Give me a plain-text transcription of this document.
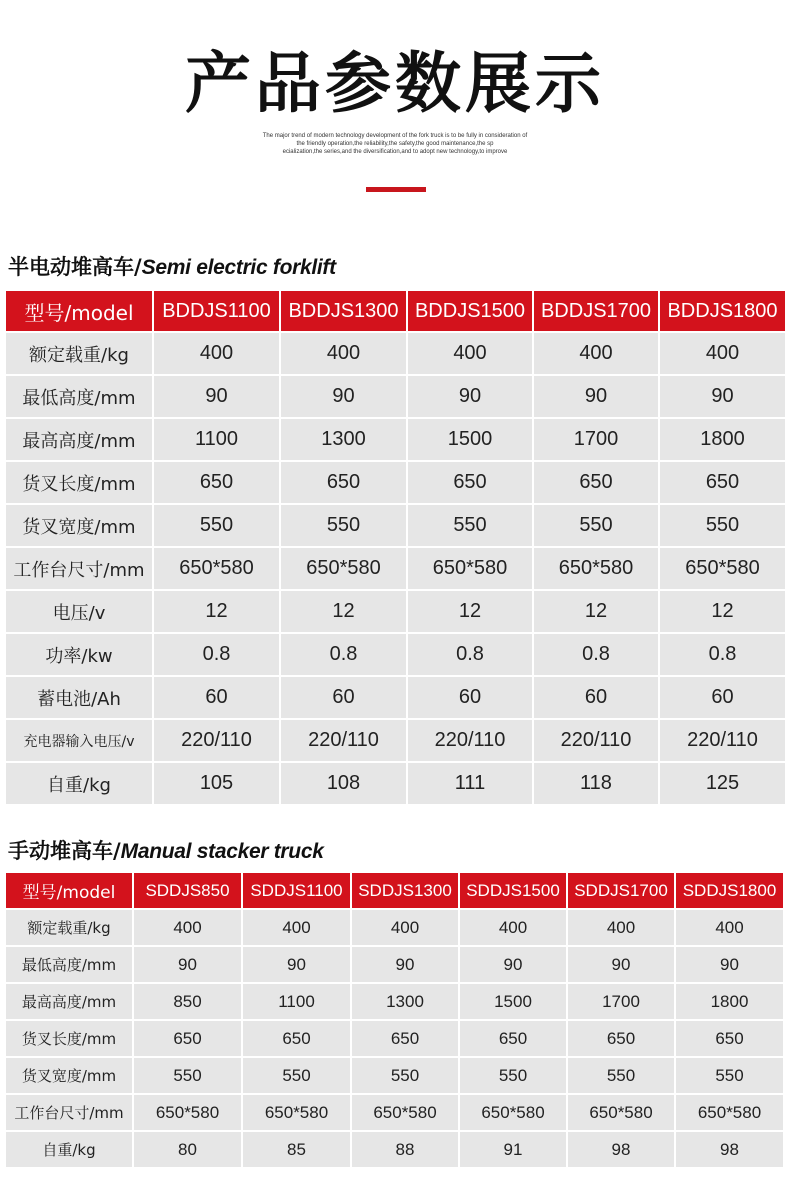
产品参数展示
The major trend of modern technology development of the fork truck is to be fully in consideration of
the friendly operation,the reliability,the safety,the good maintenance,the sp
ecialization,the series,and the diversification,and to adopt new technology,to improve
半电动堆高车/Semi electric forklift
型号/model	BDDJS1100	BDDJS1300	BDDJS1500	BDDJS1700	BDDJS1800
额定载重/kg	400	400	400	400	400
最低高度/mm	90	90	90	90	90
最高高度/mm	1100	1300	1500	1700	1800
货叉长度/mm	650	650	650	650	650
货叉宽度/mm	550	550	550	550	550
工作台尺寸/mm	650*580	650*580	650*580	650*580	650*580
电压/v	12	12	12	12	12
功率/kw	0.8	0.8	0.8	0.8	0.8
蓄电池/Ah	60	60	60	60	60
充电器输入电压/v	220/110	220/110	220/110	220/110	220/110
自重/kg	105	108	111	118	125
手动堆高车/Manual stacker truck
型号/model	SDDJS850	SDDJS1100	SDDJS1300	SDDJS1500	SDDJS1700	SDDJS1800
额定载重/kg	400	400	400	400	400	400
最低高度/mm	90	90	90	90	90	90
最高高度/mm	850	1100	1300	1500	1700	1800
货叉长度/mm	650	650	650	650	650	650
货叉宽度/mm	550	550	550	550	550	550
工作台尺寸/mm	650*580	650*580	650*580	650*580	650*580	650*580
自重/kg	80	85	88	91	98	98
